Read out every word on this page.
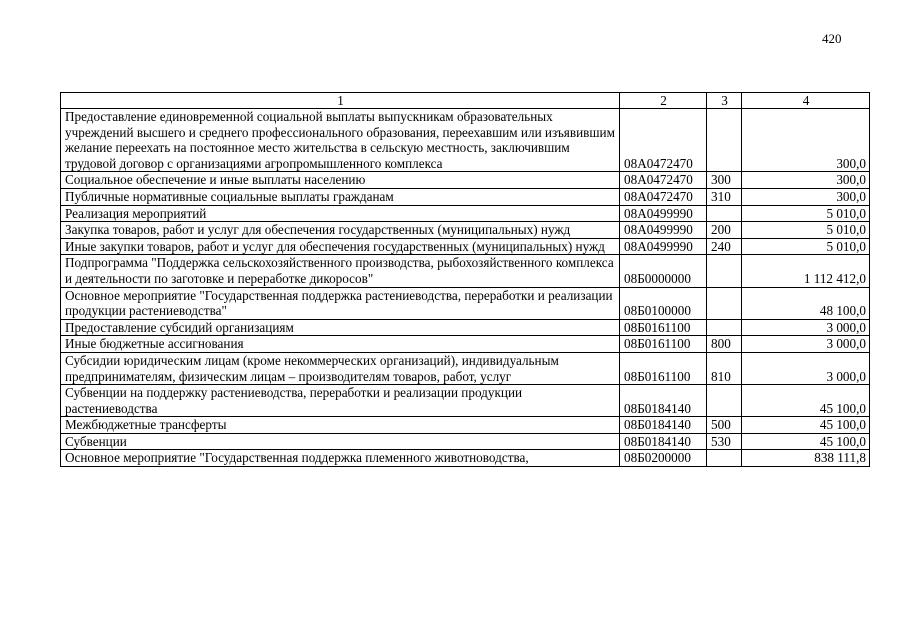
420
1	2	3	4
Предоставление единовременной социальной выплаты выпускникам образовательных учреждений высшего и среднего профессионального образования, переехавшим или изъявившим желание переехать на постоянное место жительства в сельскую местность, заключившим трудовой договор с организациями агропромышленного комплекса	08А0472470		300,0
Социальное обеспечение и иные выплаты населению	08А0472470	300	300,0
Публичные нормативные социальные выплаты гражданам	08А0472470	310	300,0
Реализация мероприятий	08А0499990		5 010,0
Закупка товаров, работ и услуг для обеспечения государственных (муниципальных) нужд	08А0499990	200	5 010,0
Иные закупки товаров, работ и услуг для обеспечения государственных (муниципальных) нужд	08А0499990	240	5 010,0
Подпрограмма "Поддержка сельскохозяйственного производства, рыбохозяйственного комплекса и деятельности по заготовке и переработке дикоросов"	08Б0000000		1 112 412,0
Основное мероприятие "Государственная поддержка растениеводства, переработки и реализации продукции растениеводства"	08Б0100000		48 100,0
Предоставление субсидий организациям	08Б0161100		3 000,0
Иные бюджетные ассигнования	08Б0161100	800	3 000,0
Субсидии юридическим лицам (кроме некоммерческих организаций), индивидуальным предпринимателям, физическим лицам – производителям товаров, работ, услуг	08Б0161100	810	3 000,0
Субвенции на поддержку растениеводства, переработки и реализации продукции растениеводства	08Б0184140		45 100,0
Межбюджетные трансферты	08Б0184140	500	45 100,0
Субвенции	08Б0184140	530	45 100,0
Основное мероприятие "Государственная поддержка племенного животноводства,	08Б0200000		838 111,8
